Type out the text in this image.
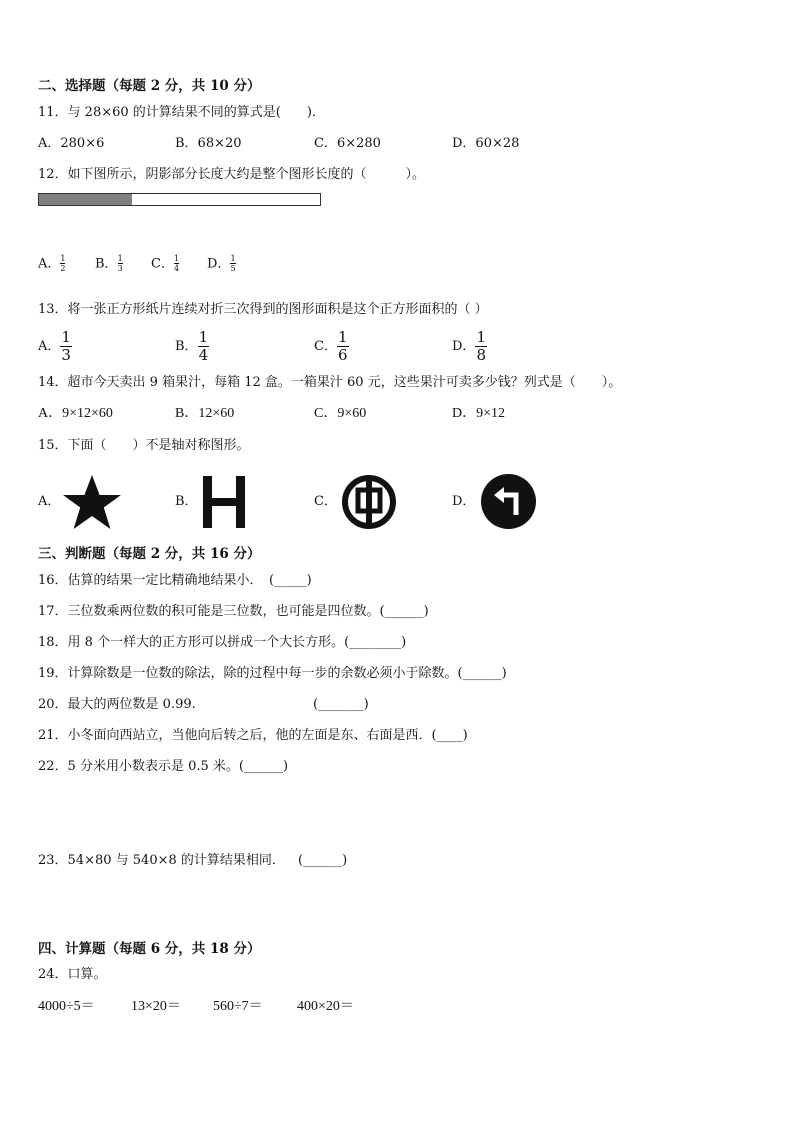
二、选择题（每题 2 分，共 10 分）
11．与 28×60 的计算结果不同的算式是(　　)．
A．280×6	B．68×20	C．6×280	D．60×28
12．如下图所示，阴影部分长度大约是整个图形长度的（　　　）。
A． $\frac{1}{2}$ B． $\frac{1}{3}$ C． $\frac{1}{4}$ D． $\frac{1}{5}$
13．将一张正方形纸片连续对折三次得到的图形面积是这个正方形面积的（ ）
A． $\frac{1}{3}$	B． $\frac{1}{4}$	C． $\frac{1}{6}$	D． $\frac{1}{8}$
14．超市今天卖出 9 箱果汁，每箱 12 盒。一箱果汁 60 元，这些果汁可卖多少钱？列式是（　　）。
A．9×12×60	B．12×60	C．9×60	D．9×12
15．下面（　　）不是轴对称图形。
A．	B．	C．	D．
三、判断题（每题 2 分，共 16 分）
16．估算的结果一定比精确地结果小．　(_____)
17．三位数乘两位数的积可能是三位数，也可能是四位数。(______)
18．用 8 个一样大的正方形可以拼成一个大长方形。(________)
19．计算除数是一位数的除法，除的过程中每一步的余数必须小于除数。(______)
20．最大的两位数是 0.99.	(_______)
21．小冬面向西站立，当他向后转之后，他的左面是东、右面是西．(____)
22．5 分米用小数表示是 0.5 米。(______)
23．54×80 与 540×8 的计算结果相同． (______)
四、计算题（每题 6 分，共 18 分）
24．口算。
4000÷5＝	13×20＝ 560÷7＝ 400×20＝
